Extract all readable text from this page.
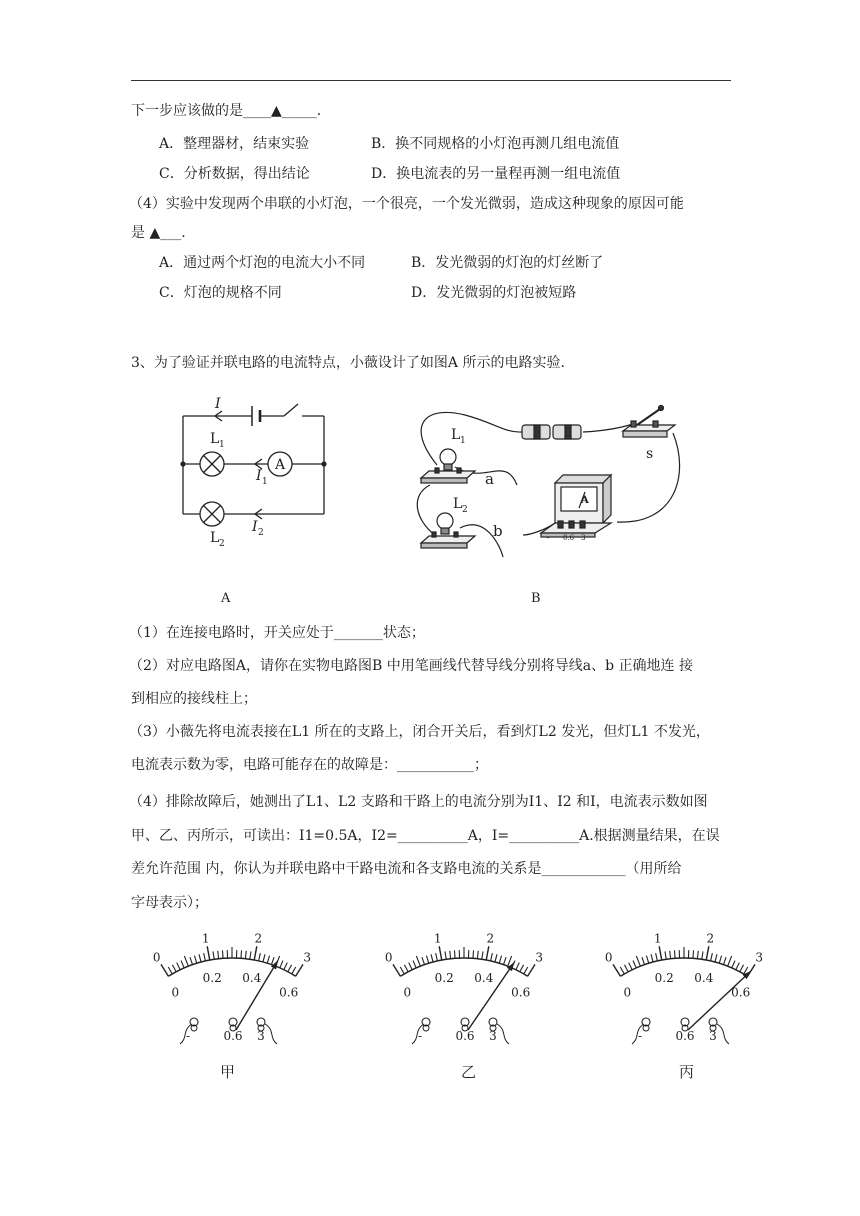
下一步应该做的是____▲_____.
A．整理器材，结束实验	B．换不同规格的小灯泡再测几组电流值
C．分析数据，得出结论	D．换电流表的另一量程再测一组电流值
（4）实验中发现两个串联的小灯泡，一个很亮，一个发光微弱，造成这种现象的原因可能
是 ▲___.
A．通过两个灯泡的电流大小不同	B．发光微弱的灯泡的灯丝断了
C．灯泡的规格不同	D．发光微弱的灯泡被短路
3、为了验证并联电路的电流特点，小薇设计了如图A 所示的电路实验.
I
L 1
A
I 1
I 2
L 2
L 1
L 2
a
b
s
A
- 0.6 3
A	B
（1）在连接电路时，开关应处于_______状态；
（2）对应电路图A，请你在实物电路图B 中用笔画线代替导线分别将导线a、b 正确地连 接
到相应的接线柱上；
（3）小薇先将电流表接在L1 所在的支路上，闭合开关后，看到灯L2 发光，但灯L1 不发光，
电流表示数为零，电路可能存在的故障是：___________；
（4）排除故障后，她测出了L1、L2 支路和干路上的电流分别为I1、I2 和I，电流表示数如图
甲、乙、丙所示，可读出：I1=0.5A，I2=__________A，I=__________A.根据测量结果，在误
差允许范围 内，你认为并联电路中干路电流和各支路电流的关系是____________（用所给
字母表示）；
0
1	2
3
0
0.2 0.4
0.6
-	0.6 3
0
1	2
3
0
0.2 0.4
0.6
-	0.6 3
0
1	2
3
0
0.2 0.4
0.6
-	0.6 3
甲	乙	丙
